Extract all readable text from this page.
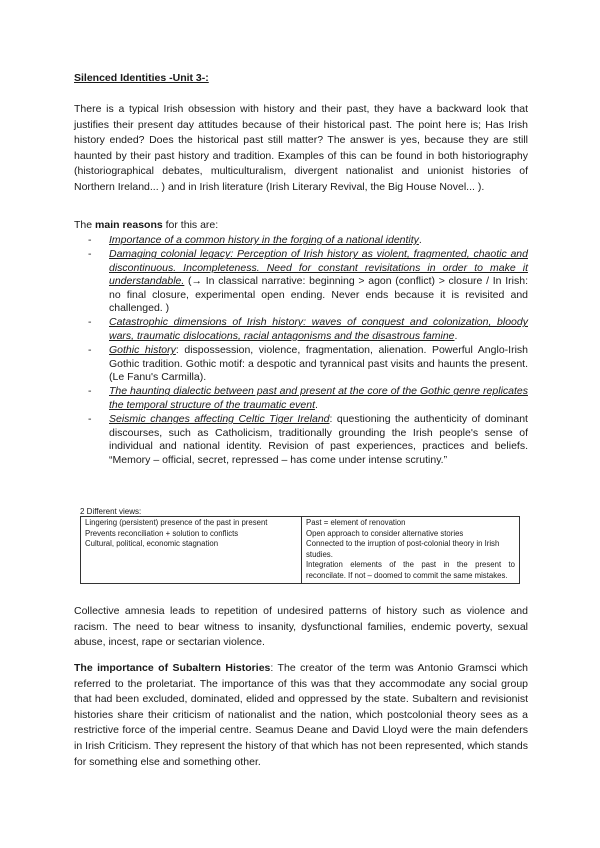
Silenced Identities -Unit 3-:

There is a typical Irish obsession with history and their past, they have a backward look that justifies their present day attitudes because of their historical past. The point here is; Has Irish history ended? Does the historical past still matter? The answer is yes, because they are still haunted by their past history and tradition. Examples of this can be found in both historiography (historiographical debates, multiculturalism, divergent nationalist and unionist histories of Northern Ireland... ) and in Irish literature (Irish Literary Revival, the Big House Novel... ).

The main reasons for this are:
- Importance of a common history in the forging of a national identity.
- Damaging colonial legacy: Perception of Irish history as violent, fragmented, chaotic and discontinuous. Incompleteness. Need for constant revisitations in order to make it understandable. (→ In classical narrative: beginning > agon (conflict) > closure / In Irish: no final closure, experimental open ending. Never ends because it is revisited and challenged. )
- Catastrophic dimensions of Irish history: waves of conquest and colonization, bloody wars, traumatic dislocations, racial antagonisms and the disastrous famine.
- Gothic history: dispossession, violence, fragmentation, alienation. Powerful Anglo-Irish Gothic tradition. Gothic motif: a despotic and tyrannical past visits and haunts the present. (Le Fanu's Carmilla).
- The haunting dialectic between past and present at the core of the Gothic genre replicates the temporal structure of the traumatic event.
- Seismic changes affecting Celtic Tiger Ireland: questioning the authenticity of dominant discourses, such as Catholicism, traditionally grounding the Irish people's sense of individual and national identity. Revision of past experiences, practices and beliefs. “Memory – official, secret, repressed – has come under intense scrutiny.”
2 Different views:
Lingering (persistent) presence of the past in present
Prevents reconciliation + solution to conflicts
Cultural, political, economic stagnation

Past = element of renovation
Open approach to consider alternative stories
Connected to the irruption of post-colonial theory in Irish studies.
Integration elements of the past in the present to reconcilate. If not – doomed to commit the same mistakes.

Collective amnesia leads to repetition of undesired patterns of history such as violence and racism. The need to bear witness to insanity, dysfunctional families, endemic poverty, sexual abuse, incest, rape or sectarian violence.

The importance of Subaltern Histories: The creator of the term was Antonio Gramsci which referred to the proletariat. The importance of this was that they accommodate any social group that had been excluded, dominated, elided and oppressed by the state. Subaltern and revisionist histories share their criticism of nationalist and the nation, which postcolonial theory sees as a restrictive force of the imperial centre. Seamus Deane and David Lloyd were the main defenders in Irish Criticism. They represent the history of that which has not been represented, which stands for something else and something other.
